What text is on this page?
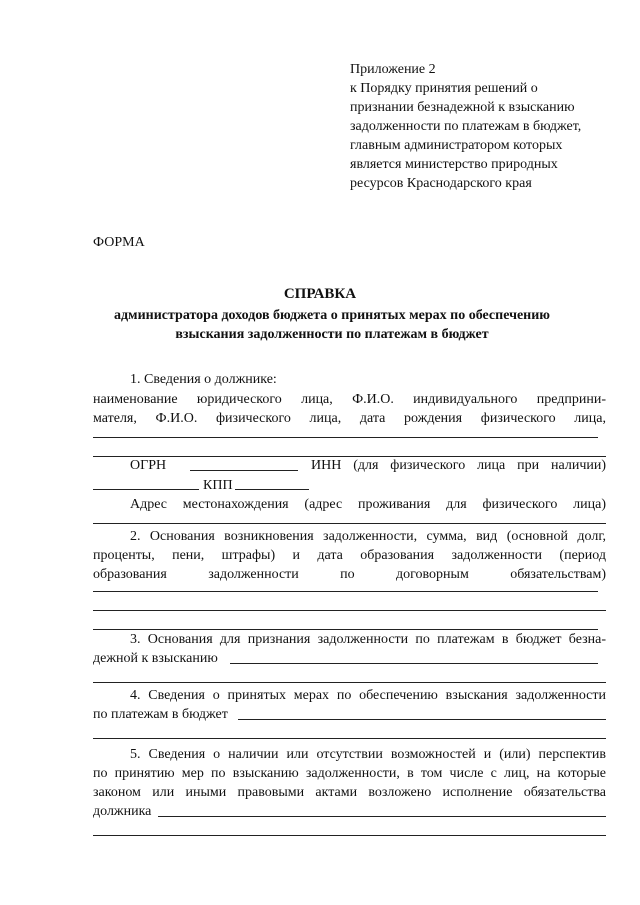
Приложение 2
к Порядку принятия решений о
признании безнадежной к взысканию
задолженности по платежам в бюджет,
главным администратором которых
является министерство природных
ресурсов Краснодарского края
ФОРМА
СПРАВКА
администратора доходов бюджета о принятых мерах по обеспечению
взыскания задолженности по платежам в бюджет
1. Сведения о должнике:
наименование юридического лица, Ф.И.О. индивидуального предприни-
мателя, Ф.И.О. физического лица, дата рождения физического лица,
ОГРН	ИНН (для физического лица при наличии)
КПП
Адрес местонахождения (адрес проживания для физического лица)
2. Основания возникновения задолженности, сумма, вид (основной долг,
проценты, пени, штрафы) и дата образования задолженности (период
образования задолженности по договорным обязательствам)
3. Основания для признания задолженности по платежам в бюджет безна-
дежной к взысканию
4. Сведения о принятых мерах по обеспечению взыскания задолженности
по платежам в бюджет
5. Сведения о наличии или отсутствии возможностей и (или) перспектив
по принятию мер по взысканию задолженности, в том числе с лиц, на которые
законом или иными правовыми актами возложено исполнение обязательства
должника
